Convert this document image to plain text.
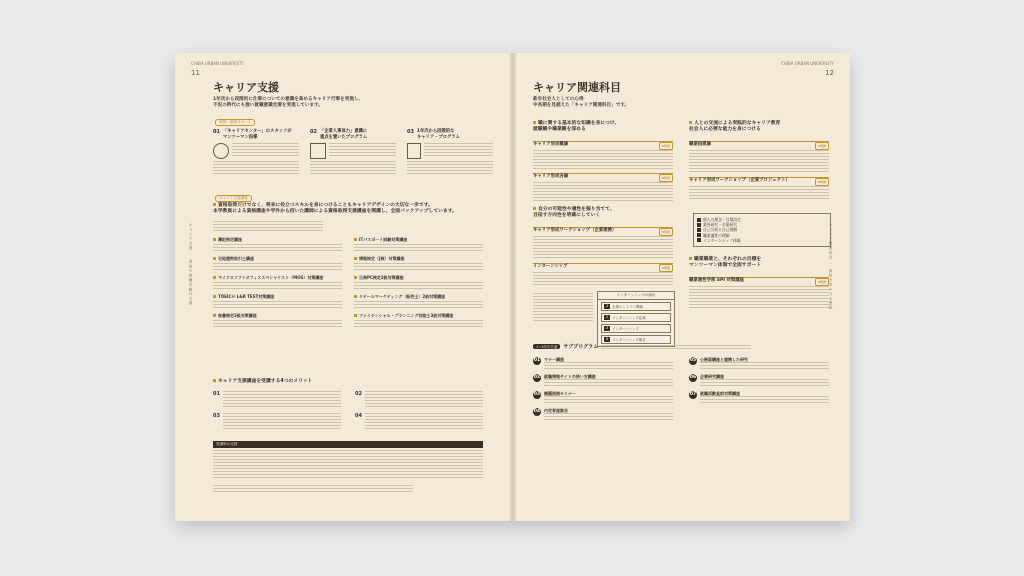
CHIBA URBAN UNIVERSITY
11
キャリア支援
1年次から段階的に仕事についての意識を高めるキャリア行事を実施し、
不況の時代にも強い就職意識定着を実現しています。
個別・面談サポート
01 「キャリアセンター」のスタッフが
マンツーマン指導
02 「企業人事体力」意識に
重点を置いたプログラム
03 1年次から段階的な
キャリア・プログラム
キャリア支援講座
資格取得だけでなく、将来に役立つスキルを身につけることもキャリアデザインの大切な一歩です。
本学教員による資格講座や学外から招いた講師による資格取得支援講座を開講し、全面バックアップしています。
簿記検定講座	ITパスポート試験対策講座
宅地建物取引士講座	情報検定（J検）対策講座
マイクロソフトオフィススペシャリスト（MOS）対策講座	日商PC検定2級対策講座
TOEIC® L&R TEST対策講座	リテールマーケティング（販売士）2級対策講座
秘書検定2級対策講座	ファイナンシャル・プランニング技能士3級対策講座
キャリア支援講座を受講する4つのメリット
01	02
03	04
受講料の比較
CHIBA URBAN UNIVERSITY
12
キャリア関連科目
新卒社会人としての心得
中長期を見据えた「キャリア関連科目」です。
職に関する基本的な知識を身につけ、
就職観や職業観を深める
キャリア形成概論	1年次
キャリア形成各論	2年次
自分の可能性や適性を掘り当てて、
目指す方向性を明確にしていく
キャリア形成ワークショップ（企業連携）	3年次
インターンシップ	3年次
インターンシップの流れ
1	企業エントリー準備
2	インターンシップ応募
3	インターンシップ
4	インターンシップ報告
人との交流による実践的なキャリア教育
社会人に必要な能力を身につける
職業指導論	1年次
キャリア形成ワークショップ（企業プロジェクト）	2年次
個人の理念・目標設定
業界研究・企業研究
自己分析と自己理解
職業適性の理解
インターンシップ体験
職業職業と、それぞれの目標を
マンツーマン体制で全面サポート
職業適性学部 SPI 対策講座	3年次
1〜4年次共通	サブプログラム
01 マナー講座
02 就職情報サイトの使い方講座
03 模擬面接セミナー
04 内定者座談会
05 公務員講座と連携した研究
06 企業研究講座
07 就職活動直前対策講座
キャリア支援 ｜ 資格や就職活動の支援	キャリア関連科目 ｜ 資格を活かせる進路
